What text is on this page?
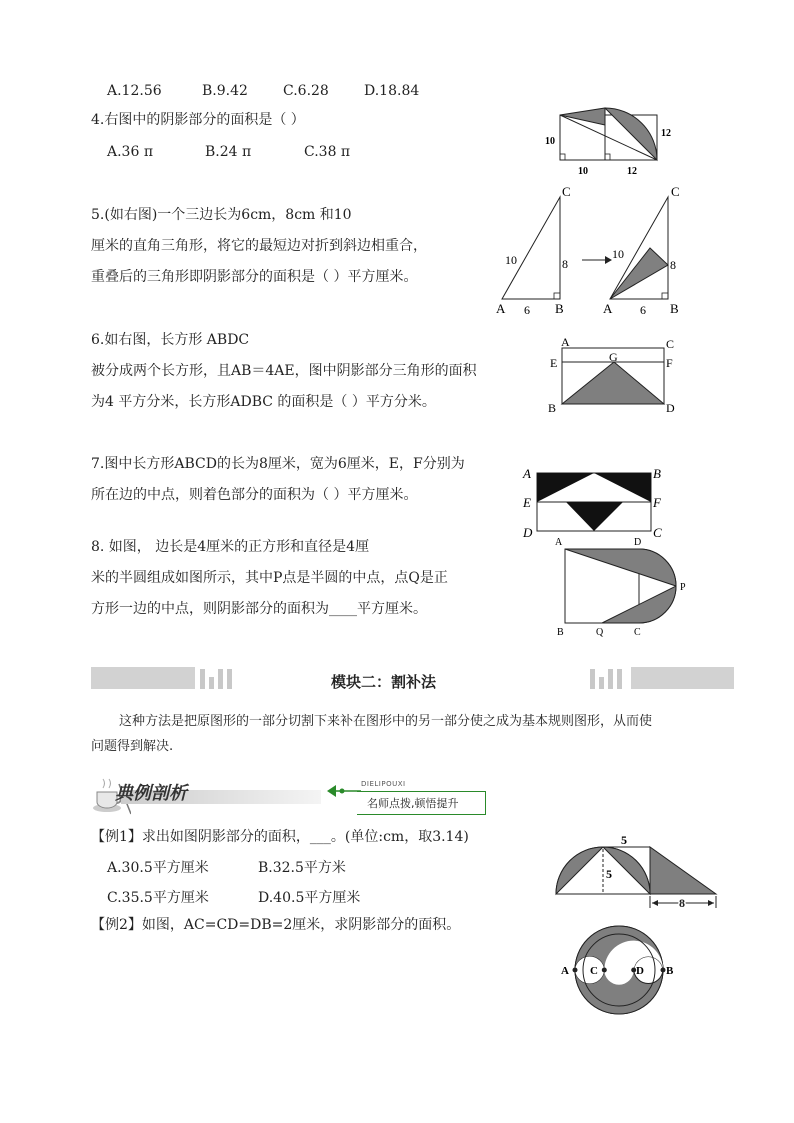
A.12.56	B.9.42	C.6.28	D.18.84
4.右图中的阴影部分的面积是（ ）
A.36 π	B.24 π	C.38 π
10
12
10	12
5.(如右图)一个三边长为6cm，8cm 和10
厘米的直角三角形，将它的最短边对折到斜边相重合，
重叠后的三角形即阴影部分的面积是（ ）平方厘米。
C
10	8
A 6 B
C
10
8
A 6 B
6.如右图，长方形 ABDC
被分成两个长方形，且AB＝4AE，图中阴影部分三角形的面积
为4 平方分米，长方形ADBC 的面积是（ ）平方分米。
A	C
G
E	F
B	D
7.图中长方形ABCD的长为8厘米，宽为6厘米，E，F分别为
所在边的中点，则着色部分的面积为（ ）平方厘米。
A	B
E	F
D	C
8. 如图， 边长是4厘米的正方形和直径是4厘
米的半圆组成如图所示，其中P点是半圆的中点，点Q是正
方形一边的中点，则阴影部分的面积为____平方厘米。
A	D
P
B	Q	C
模块二：割补法
这种方法是把原图形的一部分切割下来补在图形中的另一部分使之成为基本规则图形，从而使
问题得到解决.
典例剖析	DIELIPOUXI
名师点拨,顿悟提升
【例1】求出如图阴影部分的面积，___。(单位:cm，取3.14)
A.30.5平方厘米	B.32.5平方米
C.35.5平方厘米	D.40.5平方厘米
5
5
8
【例2】如图，AC=CD=DB=2厘米，求阴影部分的面积。
A C	D B
